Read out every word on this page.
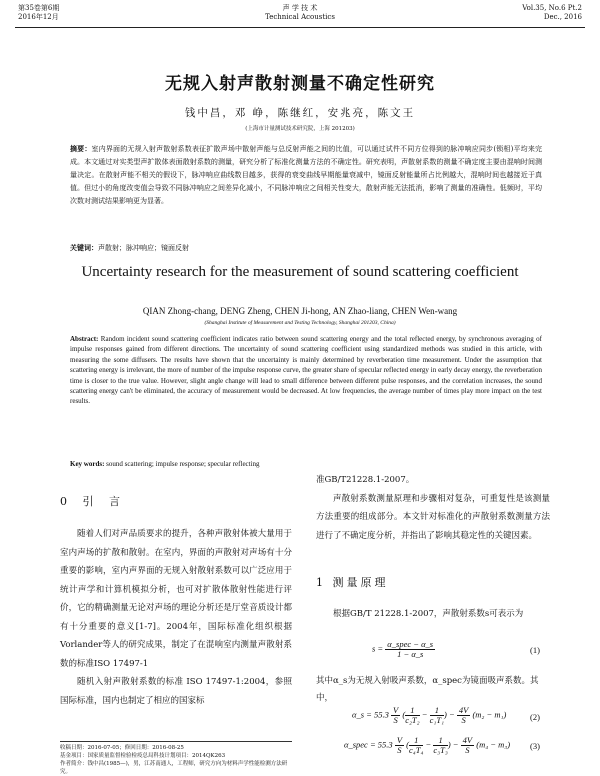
第35卷第6期
2016年12月
声 学 技 术
Technical Acoustics
Vol.35, No.6 Pt.2
Dec., 2016
无规入射声散射测量不确定性研究
钱中昌，邓 峥，陈继红，安兆亮，陈文王
(上海市计量测试技术研究院，上海 201203)
摘要：室内界面的无规入射声散射系数表征扩散声场中散射声能与总反射声能之间的比值，可以通过试件不同方位得到的脉冲响应同步(锁相)平均来完成。本文通过对实类型声扩散体表面散射系数的测量，研究分析了标准化测量方法的不确定性。研究表明，声散射系数的测量不确定度主要由混响时间测量决定。在散射声能不相关的假设下，脉冲响应曲线数目越多，获得的衰变曲线早期能量衰减中，镜面反射能量所占比例越大，混响时间也越接近于真值。但过小的角度改变值会导致不同脉冲响应之间差异化减小，不同脉冲响应之间相关性变大，散射声能无法抵消，影响了测量的准确性。低频时，平均次数对测试结果影响更为显著。
关键词：声散射；脉冲响应；镜面反射
Uncertainty research for the measurement of sound scattering coefficient
QIAN Zhong-chang, DENG Zheng, CHEN Ji-hong, AN Zhao-liang, CHEN Wen-wang
(Shanghai Institute of Measurement and Testing Technology, Shanghai 201203, China)
Abstract: Random incident sound scattering coefficient indicates ratio between sound scattering energy and the total reflected energy, by synchronous averaging of impulse responses gained from different directions. The uncertainty of sound scattering coefficient using standardized methods was studied in this article, with measuring the some diffusers. The results have shown that the uncertainty is mainly determined by reverberation time measurement. Under the assumption that scattering energy is irrelevant, the more of number of the impulse response curve, the greater share of specular reflected energy in early decay energy, the reverberation time is closer to the true value. However, slight angle change will lead to small difference between different pulse responses, and the correlation increases, the sound scattering energy can't be eliminated, the accuracy of measurement would be decreased. At low frequencies, the average number of times play more impact on the test results.
Key words: sound scattering; impulse response; specular reflecting
0 引 言

随着人们对声品质要求的提升，各种声散射体被大量用于室内声场的扩散和散射。在室内，界面的声散射对声场有十分重要的影响，室内声界面的无规入射散射系数可以广泛应用于统计声学和计算机模拟分析，也可对扩散体散射性能进行评价，它的精确测量无论对声场的理论分析还是厅堂音质设计都有十分重要的意义[1-7]。2004年，国际标准化组织根据Vorlander等人的研究成果，制定了在混响室内测量声散射系数的标准ISO 17497-1

随机入射声散射系数的标准 ISO 17497-1:2004，参照国际标准，国内也制定了相应的国家标

准GB/T21228.1-2007。

声散射系数测量原理和步骤相对复杂，可重复性是该测量方法重要的组成部分。本文针对标准化的声散射系数测量方法进行了不确定度分析，并指出了影响其稳定性的关键因素。

1 测量原理
根据GB/T 21228.1-2007，声散射系数s可表示为
$s = \frac{\text{α\_spec − α\_s}}{1 - \alpha\_s}$	(1)
其中α_s为无规入射吸声系数，α_spec为镜面吸声系数。其中，
α_s = $55.3 \frac{V}{S}$ ( $\frac{1}{\text{c₂T₂}} - \frac{1}{\text{c₁T₁}}$ ) − $\frac{4V}{S} (m_2 - m_1)$	(2)
α_spec = $55.3 \frac{V}{S}$ ( $\frac{1}{\text{c₄T₄}} - \frac{1}{\text{c₃T₃}}$ ) − $\frac{4V}{S} (m_4 - m_3)$ (3)
收稿日期：2016-07-05；修回日期：2016-08-25
基金项目：国家质量监督检验检疫总局科技计划项目：2014QK263
作者简介：钱中昌(1985—)，男，江苏南通人，工程师，研究方向为材料声学性能检测方法研究。
